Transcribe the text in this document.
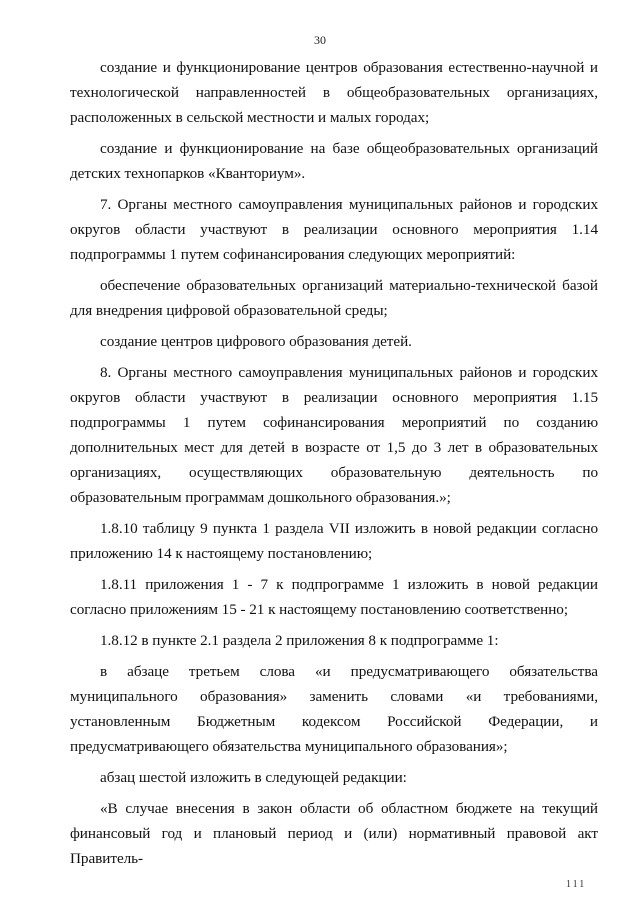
30

создание и функционирование центров образования естественно-научной и технологической направленностей в общеобразовательных организациях, расположенных в сельской местности и малых городах;

создание и функционирование на базе общеобразовательных организаций детских технопарков «Кванториум».

7. Органы местного самоуправления муниципальных районов и городских округов области участвуют в реализации основного мероприятия 1.14 подпрограммы 1 путем софинансирования следующих мероприятий:

обеспечение образовательных организаций материально-технической базой для внедрения цифровой образовательной среды;

создание центров цифрового образования детей.

8. Органы местного самоуправления муниципальных районов и городских округов области участвуют в реализации основного мероприятия 1.15 подпрограммы 1 путем софинансирования мероприятий по созданию дополнительных мест для детей в возрасте от 1,5 до 3 лет в образовательных организациях, осуществляющих образовательную деятельность по образовательным программам дошкольного образования.»;

1.8.10 таблицу 9 пункта 1 раздела VII изложить в новой редакции согласно приложению 14 к настоящему постановлению;

1.8.11 приложения 1 - 7 к подпрограмме 1 изложить в новой редакции согласно приложениям 15 - 21 к настоящему постановлению соответственно;

1.8.12 в пункте 2.1 раздела 2 приложения 8 к подпрограмме 1:

в абзаце третьем слова «и предусматривающего обязательства муниципального образования» заменить словами «и требованиями, установленным Бюджетным кодексом Российской Федерации, и предусматривающего обязательства муниципального образования»;

абзац шестой изложить в следующей редакции:

«В случае внесения в закон области об областном бюджете на текущий финансовый год и плановый период и (или) нормативный правовой акт Правитель-

111
